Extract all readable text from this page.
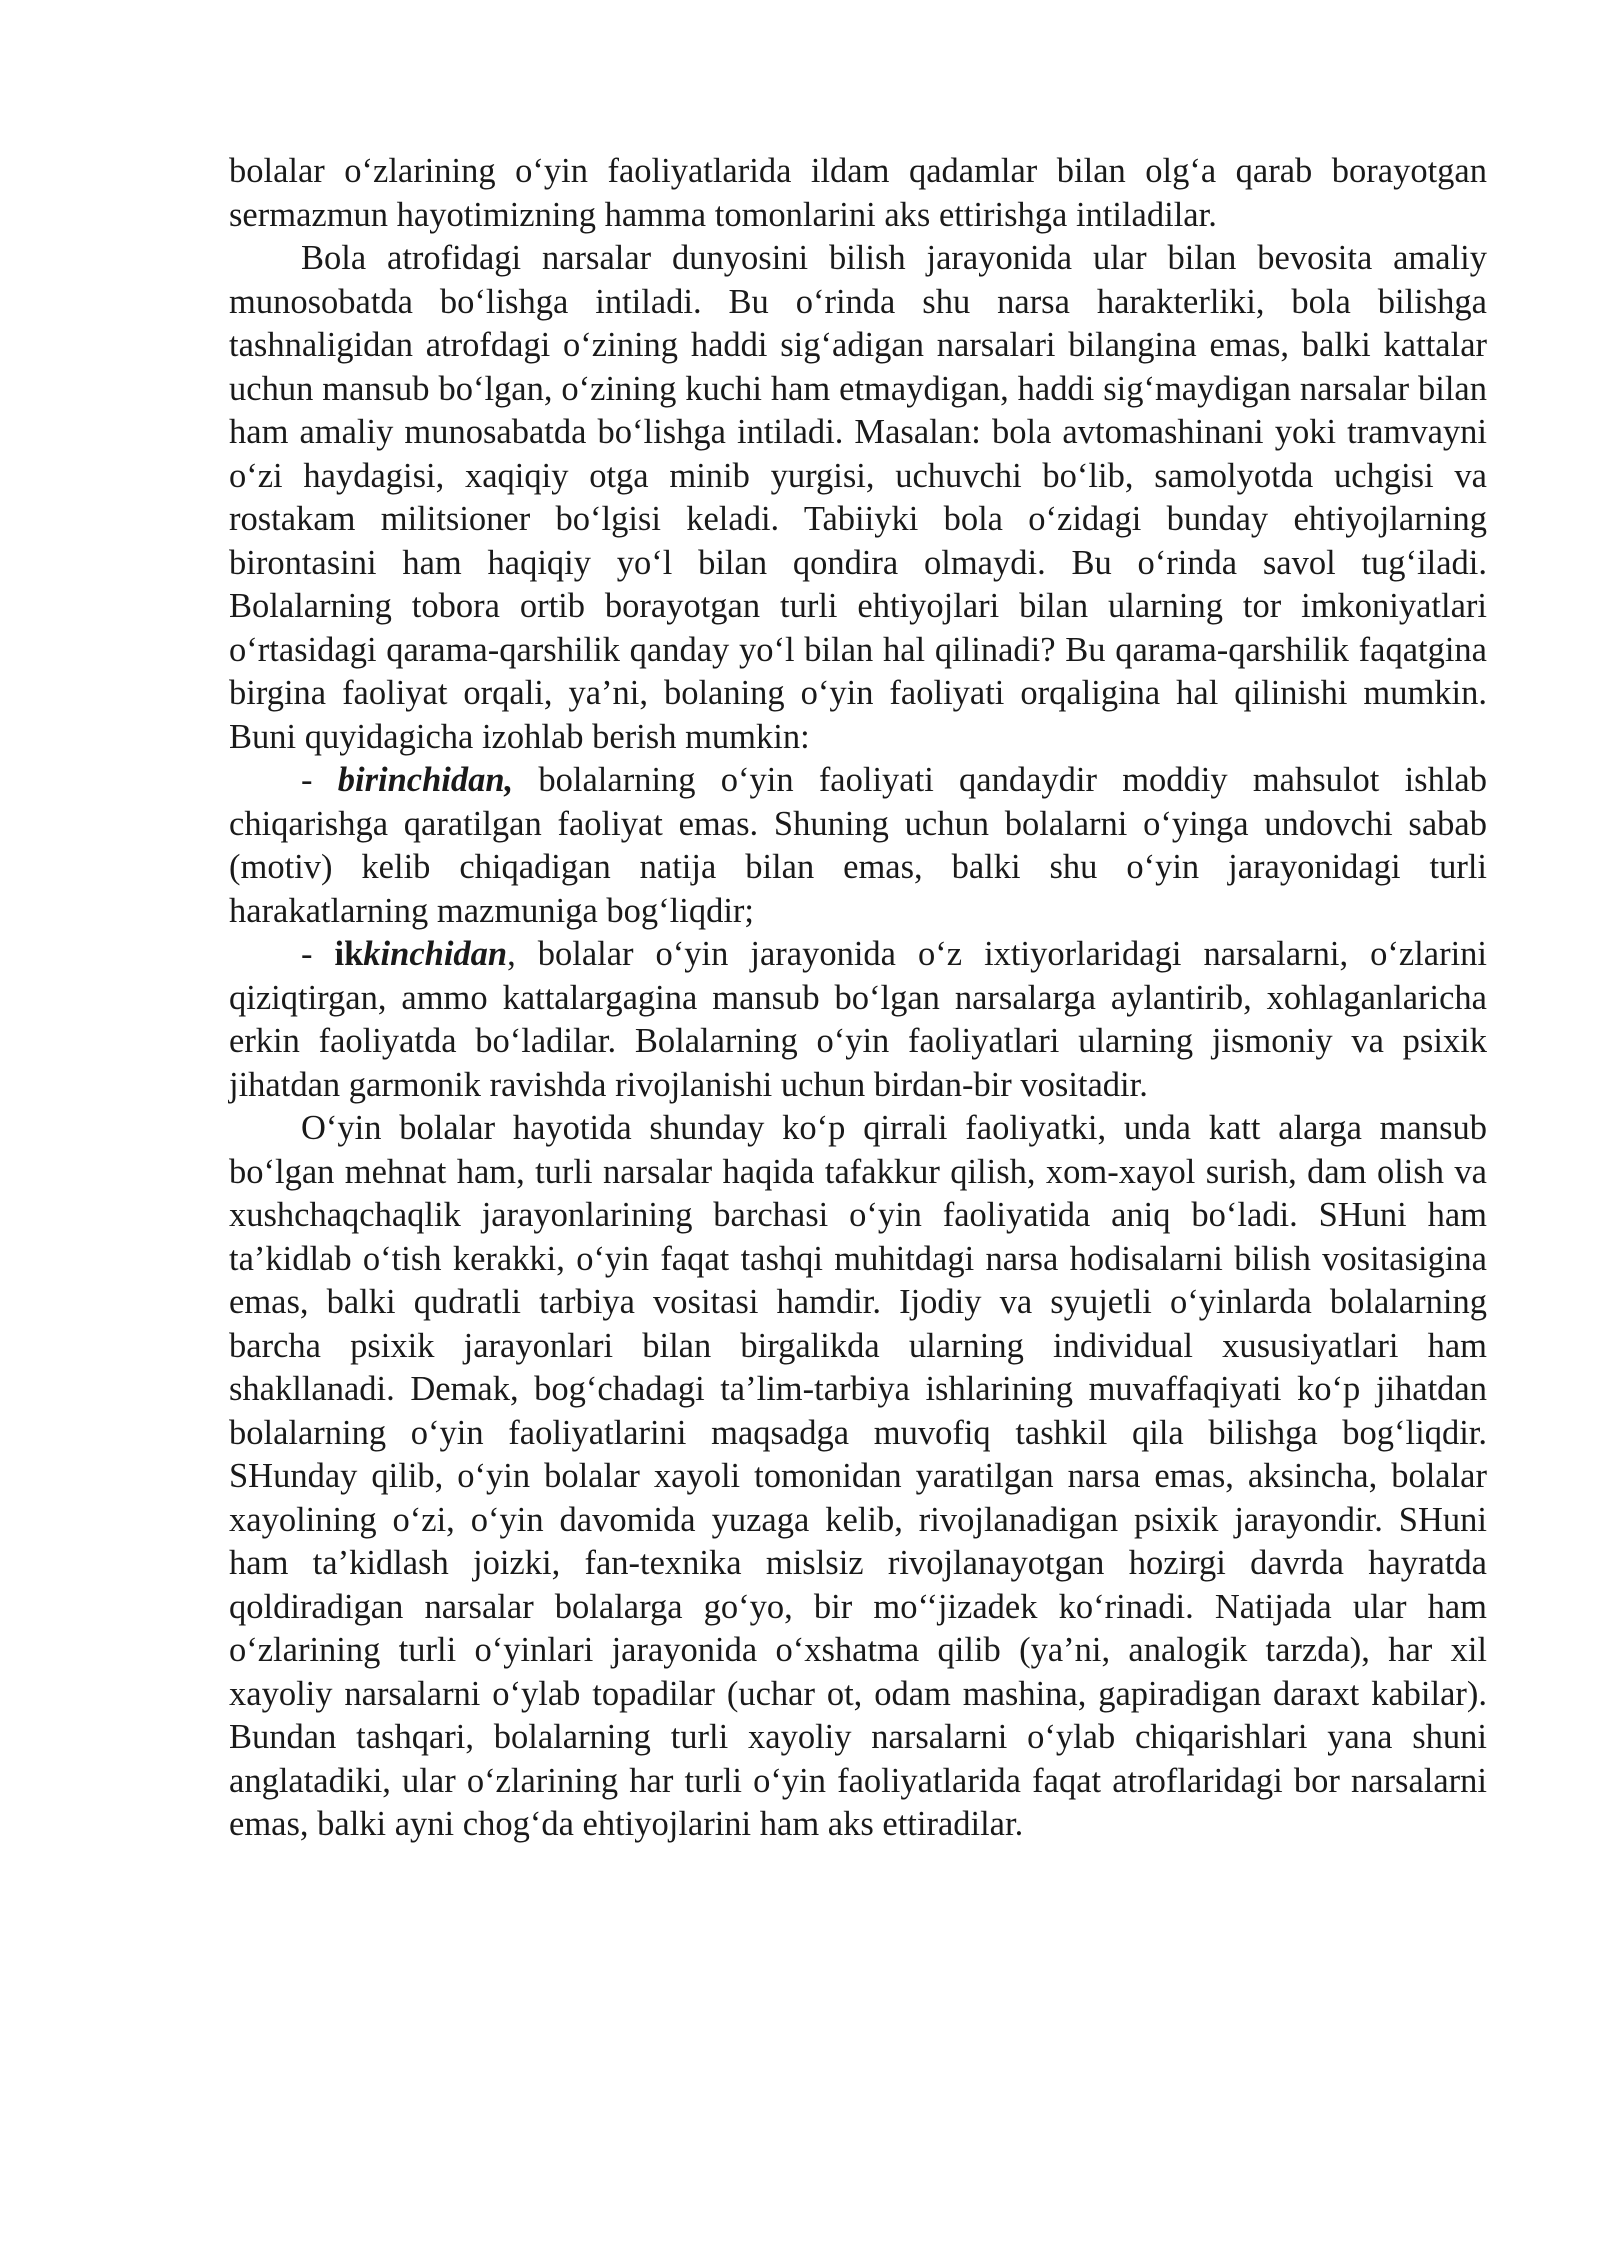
bolalar o‘zlarining o‘yin faoliyatlarida ildam qadamlar bilan olg‘a qarab borayotgan sermazmun hayotimizning hamma tomonlarini aks ettirishga intiladilar.

Bola atrofidagi narsalar dunyosini bilish jarayonida ular bilan bevosita amaliy munosobatda bo‘lishga intiladi. Bu o‘rinda shu narsa harakterliki, bola bilishga tashnaligidan atrofdagi o‘zining haddi sig‘adigan narsalari bilangina emas, balki kattalar uchun mansub bo‘lgan, o‘zining kuchi ham etmaydigan, haddi sig‘maydigan narsalar bilan ham amaliy munosabatda bo‘lishga intiladi. Masalan: bola avtomashinani yoki tramvayni o‘zi haydagisi, xaqiqiy otga minib yurgisi, uchuvchi bo‘lib, samolyotda uchgisi va rostakam militsioner bo‘lgisi keladi. Tabiiyki bola o‘zidagi bunday ehtiyojlarning birontasini ham haqiqiy yo‘l bilan qondira olmaydi. Bu o‘rinda savol tug‘iladi. Bolalarning tobora ortib borayotgan turli ehtiyojlari bilan ularning tor imkoniyatlari o‘rtasidagi qarama-qarshilik qanday yo‘l bilan hal qilinadi? Bu qarama-qarshilik faqatgina birgina faoliyat orqali, ya’ni, bolaning o‘yin faoliyati orqaligina hal qilinishi mumkin. Buni quyidagicha izohlab berish mumkin:

- birinchidan, bolalarning o‘yin faoliyati qandaydir moddiy mahsulot ishlab chiqarishga qaratilgan faoliyat emas. Shuning uchun bolalarni o‘yinga undovchi sabab (motiv) kelib chiqadigan natija bilan emas, balki shu o‘yin jarayonidagi turli harakatlarning mazmuniga bog‘liqdir;

- ikkinchidan, bolalar o‘yin jarayonida o‘z ixtiyorlaridagi narsalarni, o‘zlarini qiziqtirgan, ammo kattalargagina mansub bo‘lgan narsalarga aylantirib, xohlaganlaricha erkin faoliyatda bo‘ladilar. Bolalarning o‘yin faoliyatlari ularning jismoniy va psixik jihatdan garmonik ravishda rivojlanishi uchun birdan-bir vositadir.

O‘yin bolalar hayotida shunday ko‘p qirrali faoliyatki, unda katt alarga mansub bo‘lgan mehnat ham, turli narsalar haqida tafakkur qilish, xom-xayol surish, dam olish va xushchaqchaqlik jarayonlarining barchasi o‘yin faoliyatida aniq bo‘ladi. SHuni ham ta’kidlab o‘tish kerakki, o‘yin faqat tashqi muhitdagi narsa hodisalarni bilish vositasigina emas, balki qudratli tarbiya vositasi hamdir. Ijodiy va syujetli o‘yinlarda bolalarning barcha psixik jarayonlari bilan birgalikda ularning individual xususiyatlari ham shakllanadi. Demak, bog‘chadagi ta’lim-tarbiya ishlarining muvaffaqiyati ko‘p jihatdan bolalarning o‘yin faoliyatlarini maqsadga muvofiq tashkil qila bilishga bog‘liqdir. SHunday qilib, o‘yin bolalar xayoli tomonidan yaratilgan narsa emas, aksincha, bolalar xayolining o‘zi, o‘yin davomida yuzaga kelib, rivojlanadigan psixik jarayondir. SHuni ham ta’kidlash joizki, fan-texnika mislsiz rivojlanayotgan hozirgi davrda hayratda qoldiradigan narsalar bolalarga go‘yo, bir mo‘‘jizadek ko‘rinadi. Natijada ular ham o‘zlarining turli o‘yinlari jarayonida o‘xshatma qilib (ya’ni, analogik tarzda), har xil xayoliy narsalarni o‘ylab topadilar (uchar ot, odam mashina, gapiradigan daraxt kabilar). Bundan tashqari, bolalarning turli xayoliy narsalarni o‘ylab chiqarishlari yana shuni anglatadiki, ular o‘zlarining har turli o‘yin faoliyatlarida faqat atroflaridagi bor narsalarni emas, balki ayni chog‘da ehtiyojlarini ham aks ettiradilar.
